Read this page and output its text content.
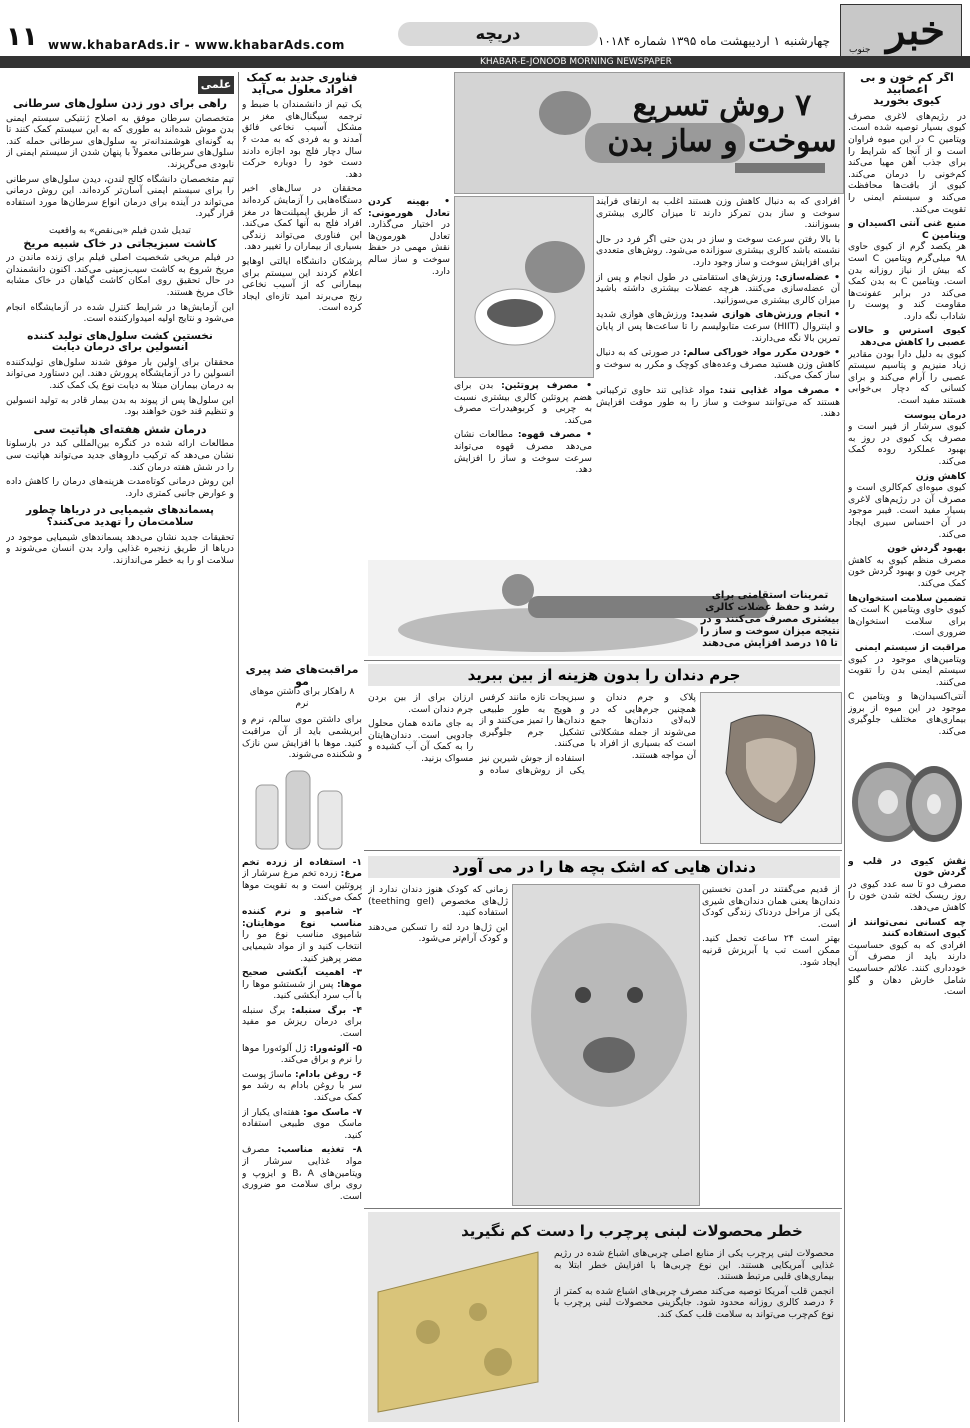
خبر
جنوب
چهارشنبه ۱ اردیبهشت ماه ۱۳۹۵ شماره ۱۰۱۸۴
دریچه
www.khabarAds.ir - www.khabarAds.com
۱۱
KHABAR-E-JONOOB MORNING NEWSPAPER
اگر کم خون و بی اعصابید
کیوی بخورید

در رژیم‌های لاغری مصرف کیوی بسیار توصیه شده است. ویتامین C در این میوه فراوان است و از آنجا که شرایط را برای جذب آهن مهیا می‌کند کم‌خونی را درمان می‌کند. کیوی از بافت‌ها محافظت می‌کند و سیستم ایمنی را تقویت می‌کند.

منبع غنی آنتی اکسیدان و ویتامین C

هر یکصد گرم از کیوی حاوی ۹۸ میلی‌گرم ویتامین C است که بیش از نیاز روزانه بدن است. ویتامین C به بدن کمک می‌کند در برابر عفونت‌ها مقاومت کند و پوست را شاداب نگه دارد.

کیوی استرس و حالات عصبی را کاهش می‌دهد

کیوی به دلیل دارا بودن مقادیر زیاد منیزیم و پتاسیم سیستم عصبی را آرام می‌کند و برای کسانی که دچار بی‌خوابی هستند مفید است.

درمان یبوست

کیوی سرشار از فیبر است و مصرف یک کیوی در روز به بهبود عملکرد روده کمک می‌کند.

کاهش وزن

کیوی میوه‌ای کم‌کالری است و مصرف آن در رژیم‌های لاغری بسیار مفید است. فیبر موجود در آن احساس سیری ایجاد می‌کند.

بهبود گردش خون

مصرف منظم کیوی به کاهش چربی خون و بهبود گردش خون کمک می‌کند.

تضمین سلامت استخوان‌ها

کیوی حاوی ویتامین K است که برای سلامت استخوان‌ها ضروری است.

مراقبت از سیستم ایمنی

ویتامین‌های موجود در کیوی سیستم ایمنی بدن را تقویت می‌کنند.

آنتی‌اکسیدان‌ها و ویتامین C موجود در این میوه از بروز بیماری‌های مختلف جلوگیری می‌کند.

نقش کیوی در قلب و گردش خون

مصرف دو تا سه عدد کیوی در روز ریسک لخته شدن خون را کاهش می‌دهد.

چه کسانی نمی‌توانند از کیوی استفاده کنند

افرادی که به کیوی حساسیت دارند باید از مصرف آن خودداری کنند. علائم حساسیت شامل خارش دهان و گلو است.

۷ روش تسریع
سوخت و ساز بدن

افرادی که به دنبال کاهش وزن هستند اغلب به ارتقای فرآیند سوخت و ساز بدن تمرکز دارند تا میزان کالری بیشتری بسوزانند.

با بالا رفتن سرعت سوخت و ساز در بدن حتی اگر فرد در حال نشسته باشد کالری بیشتری سوزانده می‌شود. روش‌های متعددی برای افزایش سوخت و ساز وجود دارد.

• عضله‌سازی: ورزش‌های استقامتی در طول انجام و پس از آن عضله‌سازی می‌کنند. هرچه عضلات بیشتری داشته باشید میزان کالری بیشتری می‌سوزانید.

• انجام ورزش‌های هوازی شدید: ورزش‌های هوازی شدید و اینتروال (HIIT) سرعت متابولیسم را تا ساعت‌ها پس از پایان تمرین بالا نگه می‌دارند.

• خوردن مکرر مواد خوراکی سالم: در صورتی که به دنبال کاهش وزن هستید مصرف وعده‌های کوچک و مکرر به سوخت و ساز کمک می‌کند.

• مصرف مواد غذایی تند: مواد غذایی تند حاوی ترکیباتی هستند که می‌توانند سوخت و ساز را به طور موقت افزایش دهند.

• مصرف پروتئین: بدن برای هضم پروتئین کالری بیشتری نسبت به چربی و کربوهیدرات مصرف می‌کند.

• مصرف قهوه: مطالعات نشان می‌دهد مصرف قهوه می‌تواند سرعت سوخت و ساز را افزایش دهد.

• بهینه کردن تعادل هورمونی: در اختیار می‌گذارد. تعادل هورمون‌ها نقش مهمی در حفظ سوخت و ساز سالم دارد.

تمرینات استقامتی برای رشد و حفظ عضلات کالری بیشتری مصرف می‌کنند و در نتیجه میزان سوخت و ساز را تا ۱۵ درصد افزایش می‌دهند
جرم دندان را بدون هزینه از بین ببرید

پلاک و جرم دندان و همچنین جرم‌هایی که در لابه‌لای دندان‌ها جمع می‌شوند از جمله مشکلاتی است که بسیاری از افراد با آن مواجه هستند.

سبزیجات تازه مانند کرفس و هویج به طور طبیعی دندان‌ها را تمیز می‌کنند و از تشکیل جرم جلوگیری می‌کنند.

استفاده از جوش شیرین نیز یکی از روش‌های ساده و ارزان برای از بین بردن جرم دندان است.

به جای مانده همان محلول جادویی است. دندان‌هایتان را به کمک آن آب کشیده و مسواک بزنید.

دندان هایی که اشک بچه ها را در می آورد

از قدیم می‌گفتند در آمدن نخستین دندان‌ها یعنی همان دندان‌های شیری یکی از مراحل دردناک زندگی کودک است.

بهتر است ۲۴ ساعت تحمل کنید. ممکن است تب یا آبریزش قرنیه ایجاد شود.

زمانی که کودک هنوز دندان ندارد از ژل‌های مخصوص (teething gel) استفاده کنید.

این ژل‌ها درد لثه را تسکین می‌دهند و کودک آرام‌تر می‌شود.

خطر محصولات لبنی پرچرب را دست کم نگیرید

محصولات لبنی پرچرب یکی از منابع اصلی چربی‌های اشباع شده در رژیم غذایی آمریکایی هستند. این نوع چربی‌ها با افزایش خطر ابتلا به بیماری‌های قلبی مرتبط هستند.

انجمن قلب آمریکا توصیه می‌کند مصرف چربی‌های اشباع شده به کمتر از ۶ درصد کالری روزانه محدود شود. جایگزینی محصولات لبنی پرچرب با نوع کم‌چرب می‌تواند به سلامت قلب کمک کند.

فناوری جدید به کمک
افراد معلول می‌آید

یک تیم از دانشمندان با ضبط و ترجمه سیگنال‌های مغز بر مشکل آسیب نخاعی فائق آمدند و به فردی که به مدت ۶ سال دچار فلج بود اجازه دادند دست خود را دوباره حرکت دهد.

محققان در سال‌های اخیر دستگاه‌هایی را آزمایش کرده‌اند که از طریق ایمپلنت‌ها در مغز افراد فلج به آنها کمک می‌کند. این فناوری می‌تواند زندگی بسیاری از بیماران را تغییر دهد.

پزشکان دانشگاه ایالتی اوهایو اعلام کردند این سیستم برای بیمارانی که از آسیب نخاعی رنج می‌برند امید تازه‌ای ایجاد کرده است.

مراقبت‌های ضد پیری مو
۸ راهکار برای داشتن موهای نرم

برای داشتن موی سالم، نرم و ابریشمی باید از آن مراقبت کنید. موها با افزایش سن نازک و شکننده می‌شوند.

۱- استفاده از زرده تخم مرغ: زرده تخم مرغ سرشار از پروتئین است و به تقویت موها کمک می‌کند.

۲- شامپو و نرم کننده مناسب نوع موهایتان: شامپوی مناسب نوع مو را انتخاب کنید و از مواد شیمیایی مضر پرهیز کنید.

۳- اهمیت آبکشی صحیح موها: پس از شستشو موها را با آب سرد آبکشی کنید.

۴- برگ سنبله: برگ سنبله برای درمان ریزش مو مفید است.

۵- آلوئه‌ورا: ژل آلوئه‌ورا موها را نرم و براق می‌کند.

۶- روغن بادام: ماساژ پوست سر با روغن بادام به رشد مو کمک می‌کند.

۷- ماسک مو: هفته‌ای یکبار از ماسک موی طبیعی استفاده کنید.

۸- تغذیه مناسب: مصرف مواد غذایی سرشار از ویتامین‌های B، A و ایزوپ و روی برای سلامت مو ضروری است.

علمی
راهی برای دور زدن سلول‌های سرطانی

متخصصان سرطان موفق به اصلاح ژنتیکی سیستم ایمنی بدن موش شده‌اند به طوری که به این سیستم کمک کنند تا به گونه‌ای هوشمندانه‌تر به سلول‌های سرطانی حمله کند. سلول‌های سرطانی معمولاً با پنهان شدن از سیستم ایمنی از نابودی می‌گریزند.

تیم متخصصان دانشگاه کالج لندن، دیدن سلول‌های سرطانی را برای سیستم ایمنی آسان‌تر کرده‌اند. این روش درمانی می‌تواند در آینده برای درمان انواع سرطان‌ها مورد استفاده قرار گیرد.

تبدیل شدن فیلم «بی‌نقص» به واقعیت
کاشت سبزیجاتی در خاک شبیه مریخ

در فیلم مریخی شخصیت اصلی فیلم برای زنده ماندن در مریخ شروع به کاشت سیب‌زمینی می‌کند. اکنون دانشمندان در حال تحقیق روی امکان کاشت گیاهان در خاک مشابه خاک مریخ هستند.

این آزمایش‌ها در شرایط کنترل شده در آزمایشگاه انجام می‌شود و نتایج اولیه امیدوارکننده است.

نخستین کشت سلول‌های تولید کننده انسولین برای درمان دیابت

محققان برای اولین بار موفق شدند سلول‌های تولیدکننده انسولین را در آزمایشگاه پرورش دهند. این دستاورد می‌تواند به درمان بیماران مبتلا به دیابت نوع یک کمک کند.

این سلول‌ها پس از پیوند به بدن بیمار قادر به تولید انسولین و تنظیم قند خون خواهند بود.

درمان شش هفته‌ای هپاتیت سی

مطالعات ارائه شده در کنگره بین‌المللی کبد در بارسلونا نشان می‌دهد که ترکیب داروهای جدید می‌تواند هپاتیت سی را در شش هفته درمان کند.

این روش درمانی کوتاه‌مدت هزینه‌های درمان را کاهش داده و عوارض جانبی کمتری دارد.

پسماندهای شیمیایی در دریا‌ها چطور سلامت‌مان را تهدید می‌کنند؟

تحقیقات جدید نشان می‌دهد پسماندهای شیمیایی موجود در دریاها از طریق زنجیره غذایی وارد بدن انسان می‌شوند و سلامت او را به خطر می‌اندازند.
